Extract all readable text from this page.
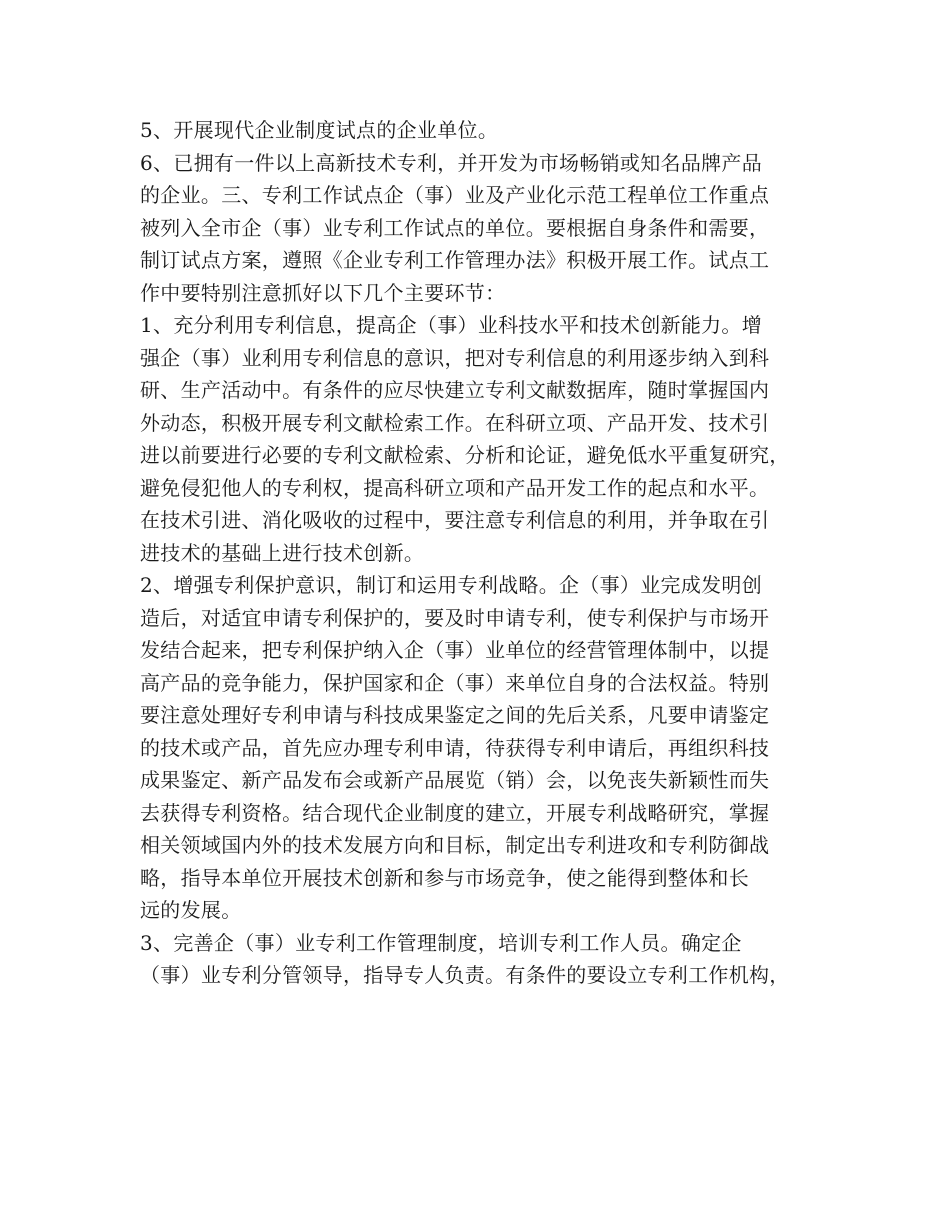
5、开展现代企业制度试点的企业单位。
6、已拥有一件以上高新技术专利，并开发为市场畅销或知名品牌产品
的企业。三、专利工作试点企（事）业及产业化示范工程单位工作重点
被列入全市企（事）业专利工作试点的单位。要根据自身条件和需要，
制订试点方案，遵照《企业专利工作管理办法》积极开展工作。试点工
作中要特别注意抓好以下几个主要环节：
1、充分利用专利信息，提高企（事）业科技水平和技术创新能力。增
强企（事）业利用专利信息的意识，把对专利信息的利用逐步纳入到科
研、生产活动中。有条件的应尽快建立专利文献数据库，随时掌握国内
外动态，积极开展专利文献检索工作。在科研立项、产品开发、技术引
进以前要进行必要的专利文献检索、分析和论证，避免低水平重复研究，
避免侵犯他人的专利权，提高科研立项和产品开发工作的起点和水平。
在技术引进、消化吸收的过程中，要注意专利信息的利用，并争取在引
进技术的基础上进行技术创新。
2、增强专利保护意识，制订和运用专利战略。企（事）业完成发明创
造后，对适宜申请专利保护的，要及时申请专利，使专利保护与市场开
发结合起来，把专利保护纳入企（事）业单位的经营管理体制中，以提
高产品的竞争能力，保护国家和企（事）来单位自身的合法权益。特别
要注意处理好专利申请与科技成果鉴定之间的先后关系，凡要申请鉴定
的技术或产品，首先应办理专利申请，待获得专利申请后，再组织科技
成果鉴定、新产品发布会或新产品展览（销）会，以免丧失新颖性而失
去获得专利资格。结合现代企业制度的建立，开展专利战略研究，掌握
相关领域国内外的技术发展方向和目标，制定出专利进攻和专利防御战
略，指导本单位开展技术创新和参与市场竞争，使之能得到整体和长
远的发展。
3、完善企（事）业专利工作管理制度，培训专利工作人员。确定企
（事）业专利分管领导，指导专人负责。有条件的要设立专利工作机构，
